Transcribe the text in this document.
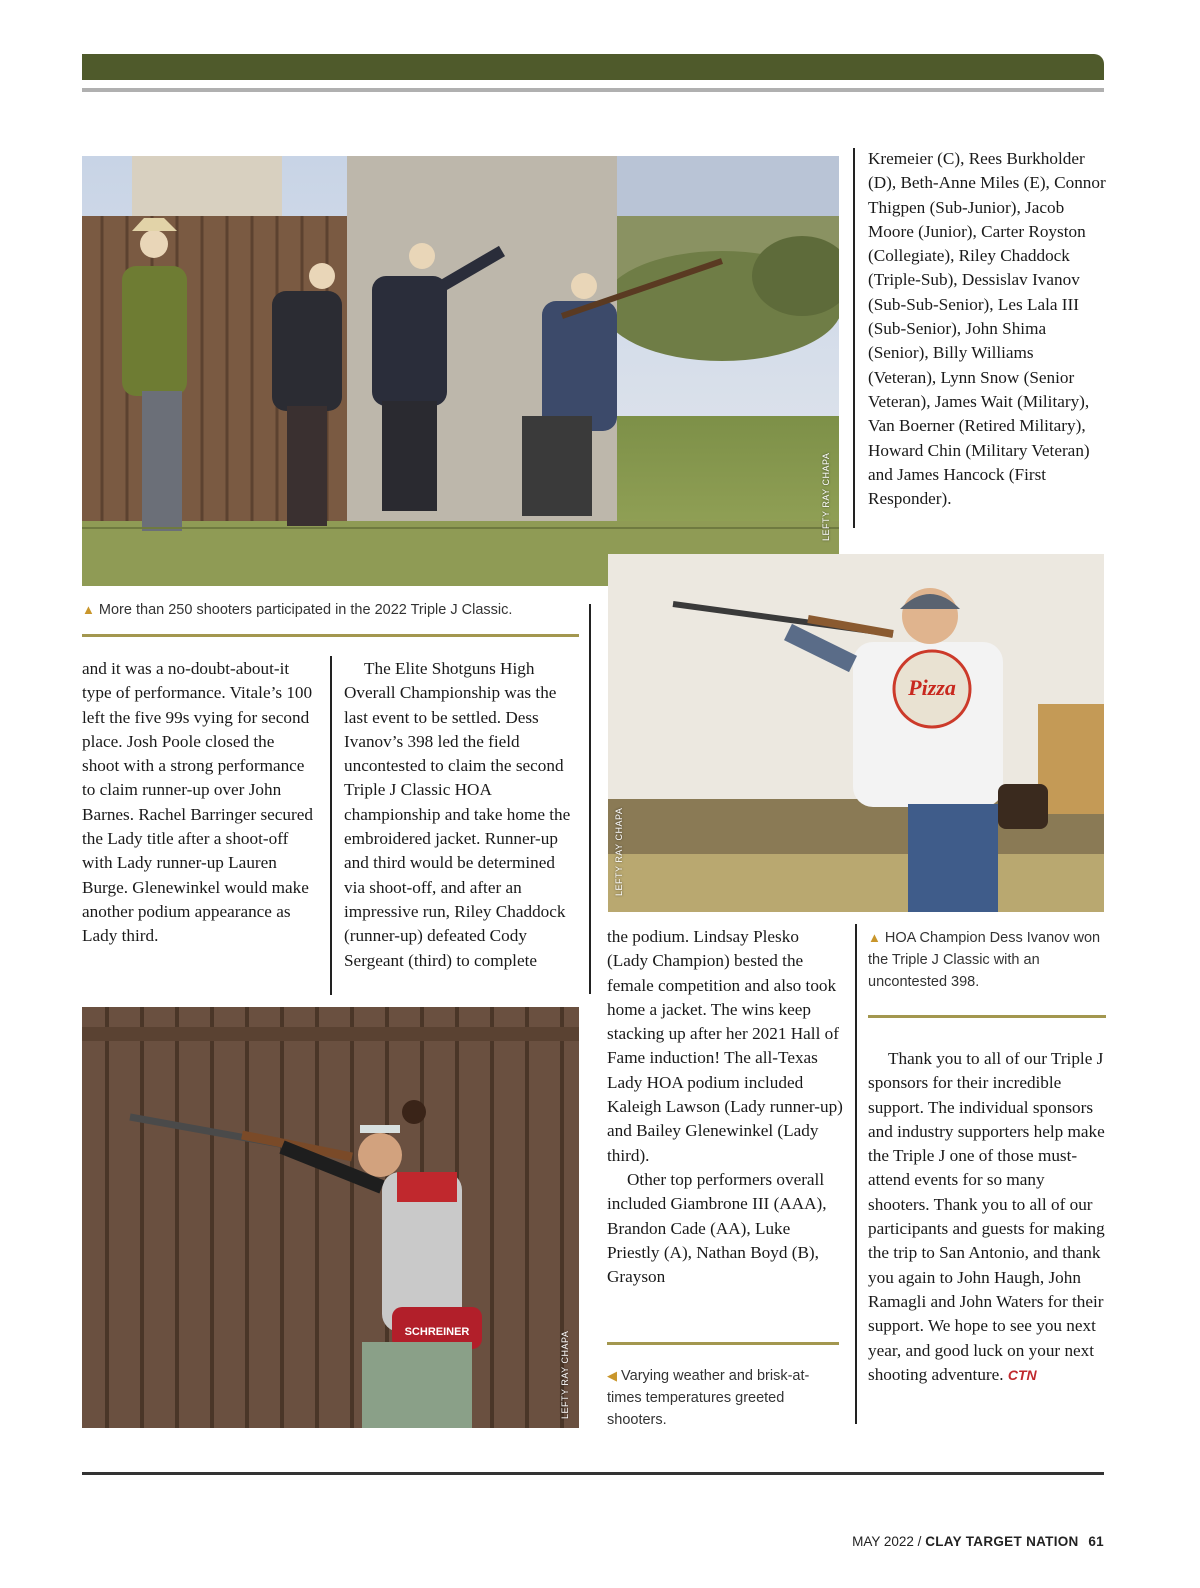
LEFTY RAY CHAPA
▲ More than 250 shooters participated in the 2022 Triple J Classic.

Kremeier (C), Rees Burkholder (D), Beth-Anne Miles (E), Connor Thigpen (Sub-Junior), Jacob Moore (Junior), Carter Royston (Collegiate), Riley Chaddock (Triple-Sub), Dessislav Ivanov (Sub-Sub-Senior), Les Lala III (Sub-Senior), John Shima (Senior), Billy Williams (Veteran), Lynn Snow (Senior Veteran), James Wait (Military), Van Boerner (Retired Military), Howard Chin (Military Veteran) and James Hancock (First Responder).

Pizza
LEFTY RAY CHAPA
▲ HOA Champion Dess Ivanov won the Triple J Classic with an uncontested 398.

and it was a no-doubt-about-it type of performance. Vitale’s 100 left the five 99s vying for second place. Josh Poole closed the shoot with a strong performance to claim runner-up over John Barnes. Rachel Barringer secured the Lady title after a shoot-off with Lady runner-up Lauren Burge. Glenewinkel would make another podium appearance as Lady third.

The Elite Shotguns High Overall Championship was the last event to be settled. Dess Ivanov’s 398 led the field uncontested to claim the second Triple J Classic HOA championship and take home the embroidered jacket. Runner-up and third would be determined via shoot-off, and after an impressive run, Riley Chaddock (runner-up) defeated Cody Sergeant (third) to complete

SCHREINER	LEFTY RAY CHAPA

the podium. Lindsay Plesko (Lady Champion) bested the female competition and also took home a jacket. The wins keep stacking up after her 2021 Hall of Fame induction! The all-Texas Lady HOA podium included Kaleigh Lawson (Lady runner-up) and Bailey Glenewinkel (Lady third).

Other top performers overall included Giambrone III (AAA), Brandon Cade (AA), Luke Priestly (A), Nathan Boyd (B), Grayson

◀ Varying weather and brisk-at-times temperatures greeted shooters.

Thank you to all of our Triple J sponsors for their incredible support. The individual sponsors and industry supporters help make the Triple J one of those must-attend events for so many shooters. Thank you to all of our participants and guests for making the trip to San Antonio, and thank you again to John Haugh, John Ramagli and John Waters for their support. We hope to see you next year, and good luck on your next shooting adventure. CTN

MAY 2022 / CLAY TARGET NATION 61
